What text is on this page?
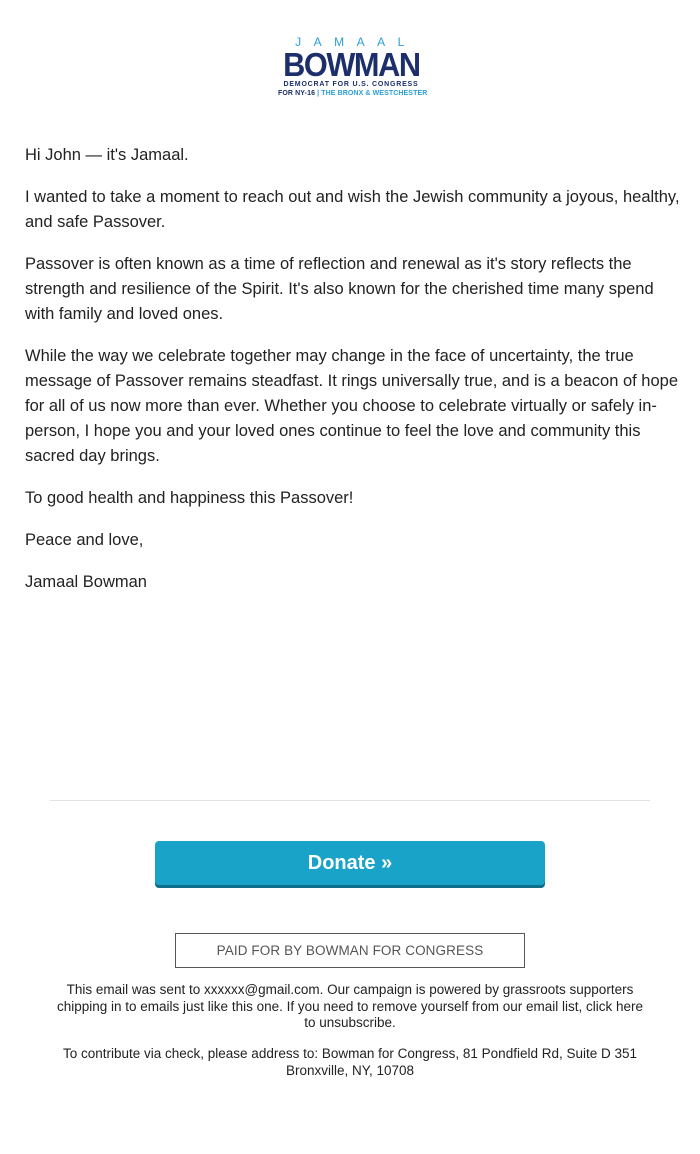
JAMAAL
BOWMAN
DEMOCRAT FOR U.S. CONGRESS
FOR NY-16 | THE BRONX & WESTCHESTER

Hi John — it's Jamaal.

I wanted to take a moment to reach out and wish the Jewish community a joyous, healthy, and safe Passover.

Passover is often known as a time of reflection and renewal as it's story reflects the strength and resilience of the Spirit. It's also known for the cherished time many spend with family and loved ones.

While the way we celebrate together may change in the face of uncertainty, the true message of Passover remains steadfast. It rings universally true, and is a beacon of hope for all of us now more than ever. Whether you choose to celebrate virtually or safely in-person, I hope you and your loved ones continue to feel the love and community this sacred day brings.

To good health and happiness this Passover!

Peace and love,

Jamaal Bowman

Donate »
PAID FOR BY BOWMAN FOR CONGRESS
This email was sent to xxxxxx@gmail.com. Our campaign is powered by grassroots supporters chipping in to emails just like this one. If you need to remove yourself from our email list, click here to unsubscribe.
To contribute via check, please address to: Bowman for Congress, 81 Pondfield Rd, Suite D 351 Bronxville, NY, 10708
